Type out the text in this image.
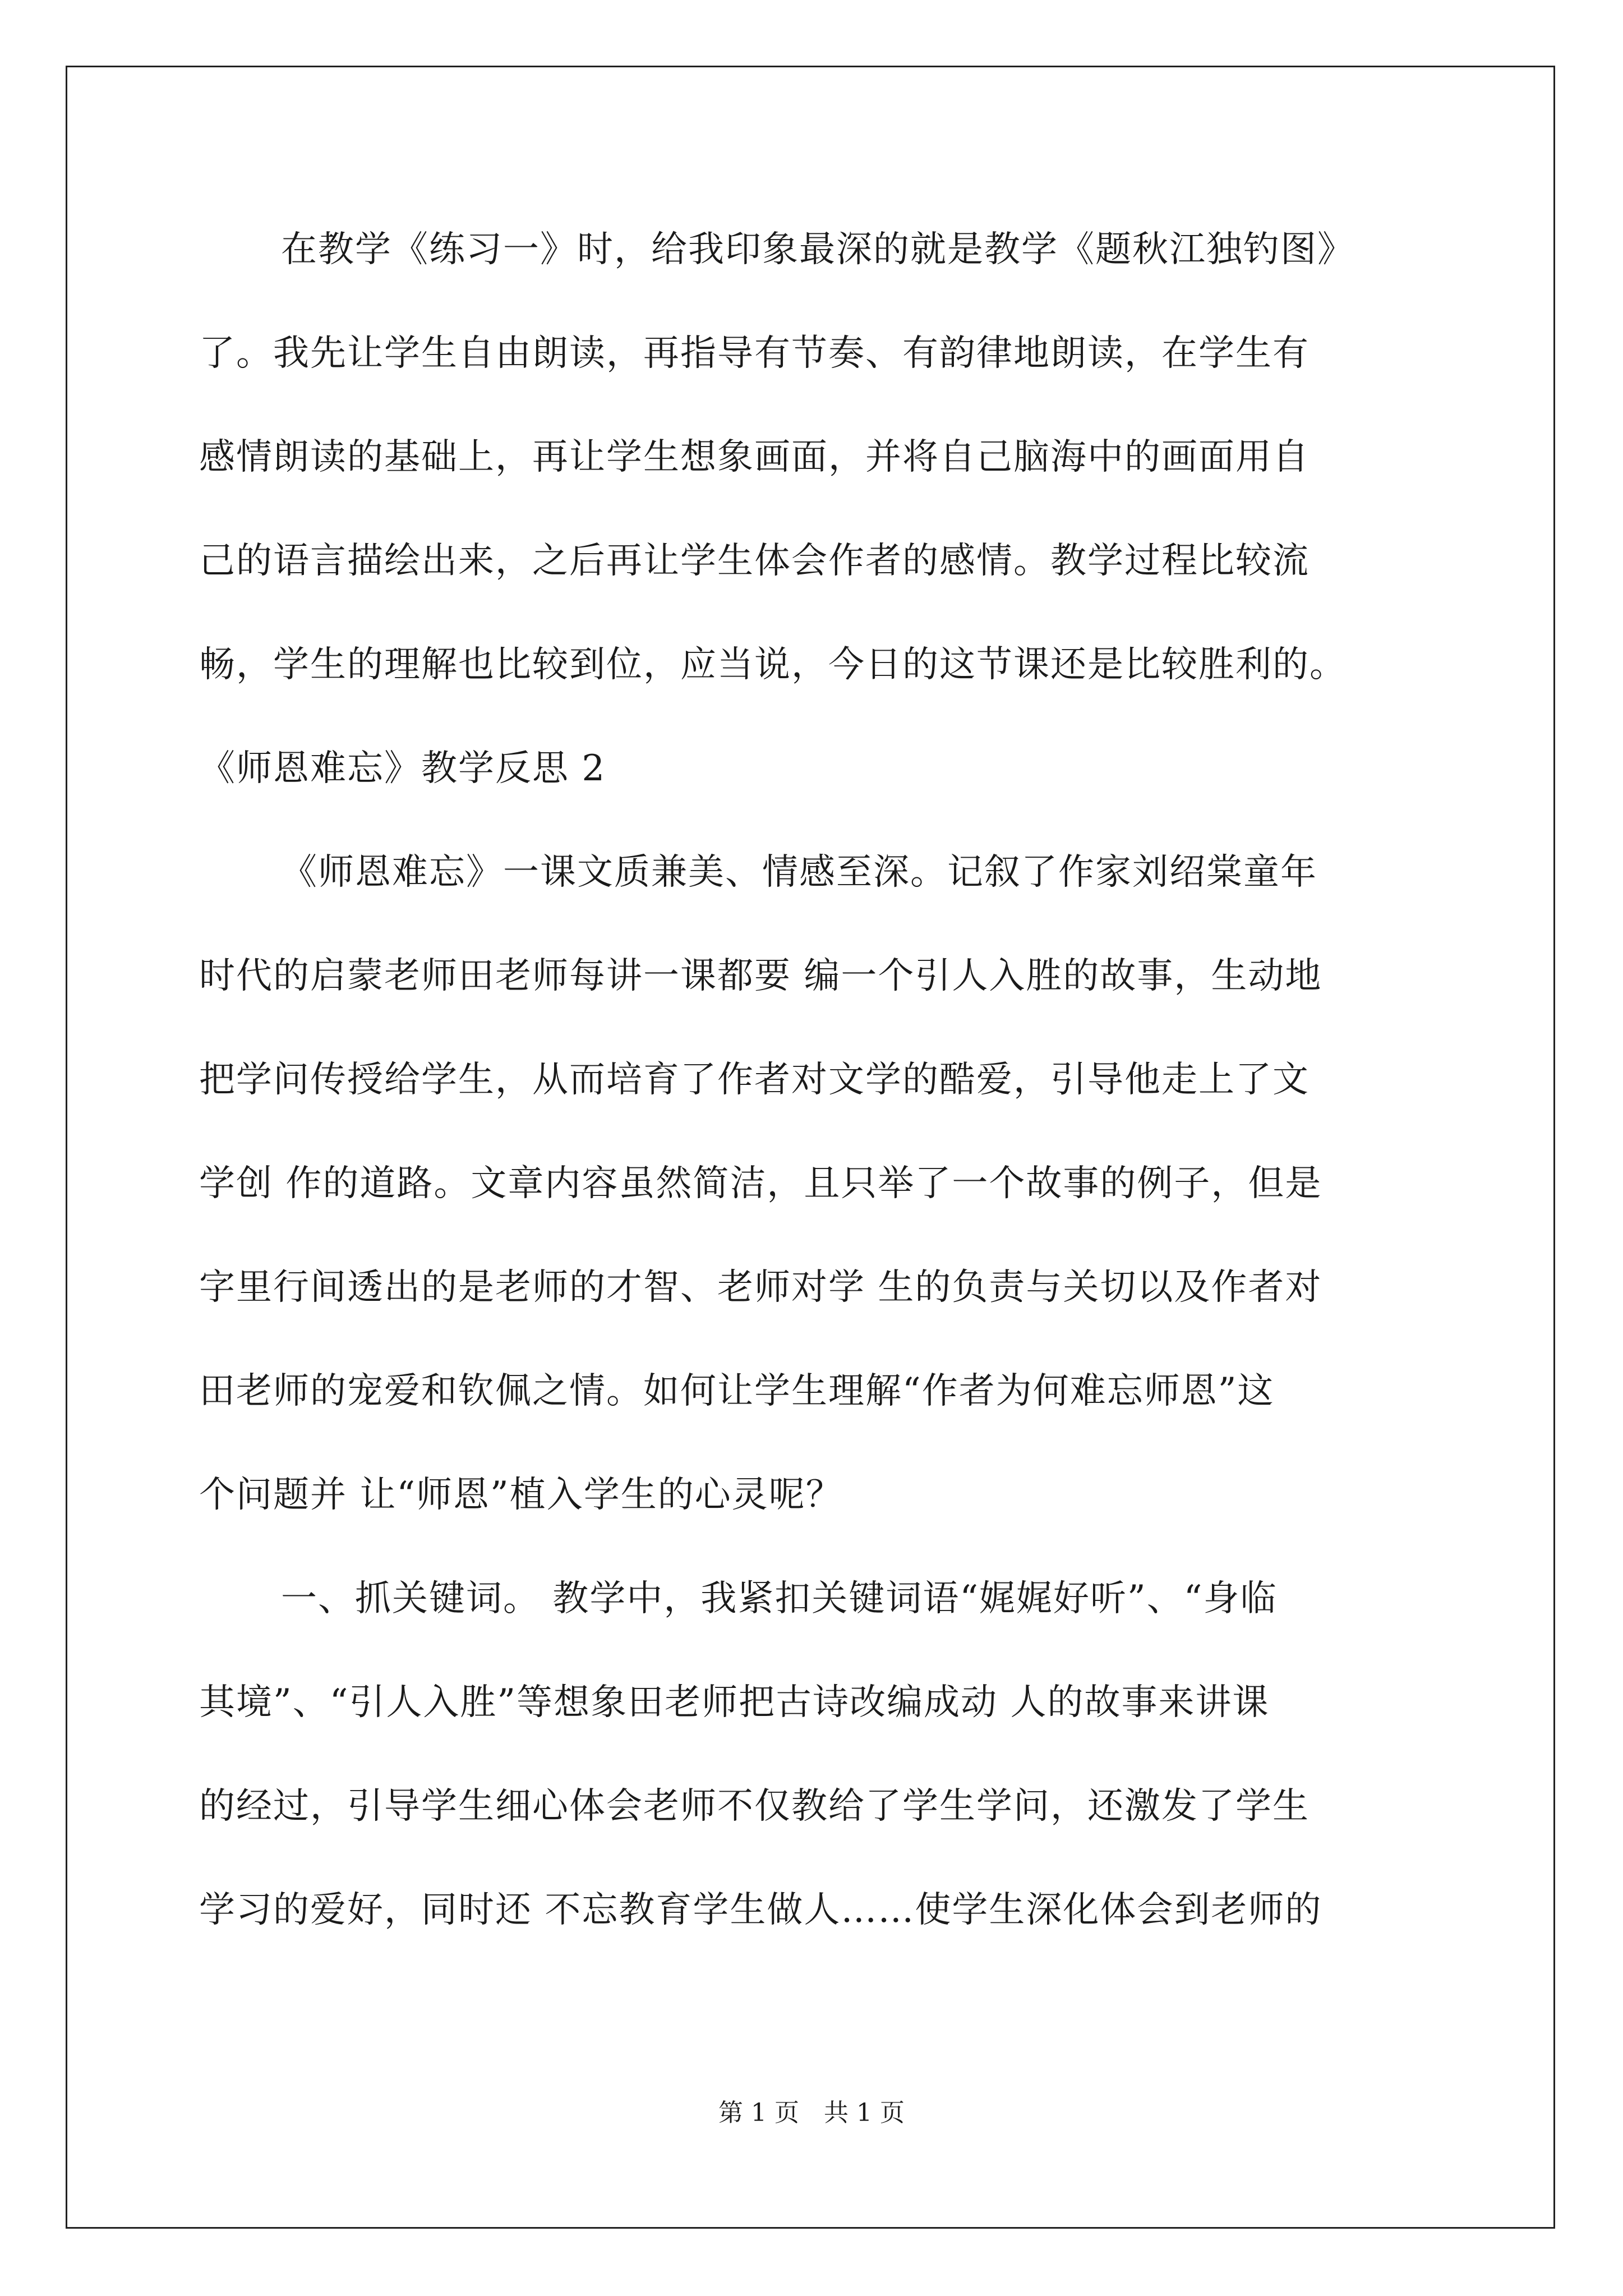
在教学《练习一》时，给我印象最深的就是教学《题秋江独钓图》
了。我先让学生自由朗读，再指导有节奏、有韵律地朗读，在学生有
感情朗读的基础上，再让学生想象画面，并将自己脑海中的画面用自
己的语言描绘出来，之后再让学生体会作者的感情。教学过程比较流
畅，学生的理解也比较到位，应当说，今日的这节课还是比较胜利的。
《师恩难忘》教学反思 2
《师恩难忘》一课文质兼美、情感至深。记叙了作家刘绍棠童年
时代的启蒙老师田老师每讲一课都要 编一个引人入胜的故事，生动地
把学问传授给学生，从而培育了作者对文学的酷爱，引导他走上了文
学创 作的道路。文章内容虽然简洁，且只举了一个故事的例子，但是
字里行间透出的是老师的才智、老师对学 生的负责与关切以及作者对
田老师的宠爱和钦佩之情。如何让学生理解“作者为何难忘师恩”这
个问题并 让“师恩”植入学生的心灵呢？
一、抓关键词。 教学中，我紧扣关键词语“娓娓好听”、“身临
其境”、“引人入胜”等想象田老师把古诗改编成动 人的故事来讲课
的经过，引导学生细心体会老师不仅教给了学生学问，还激发了学生
学习的爱好，同时还 不忘教育学生做人……使学生深化体会到老师的
第 1 页　共 1 页
